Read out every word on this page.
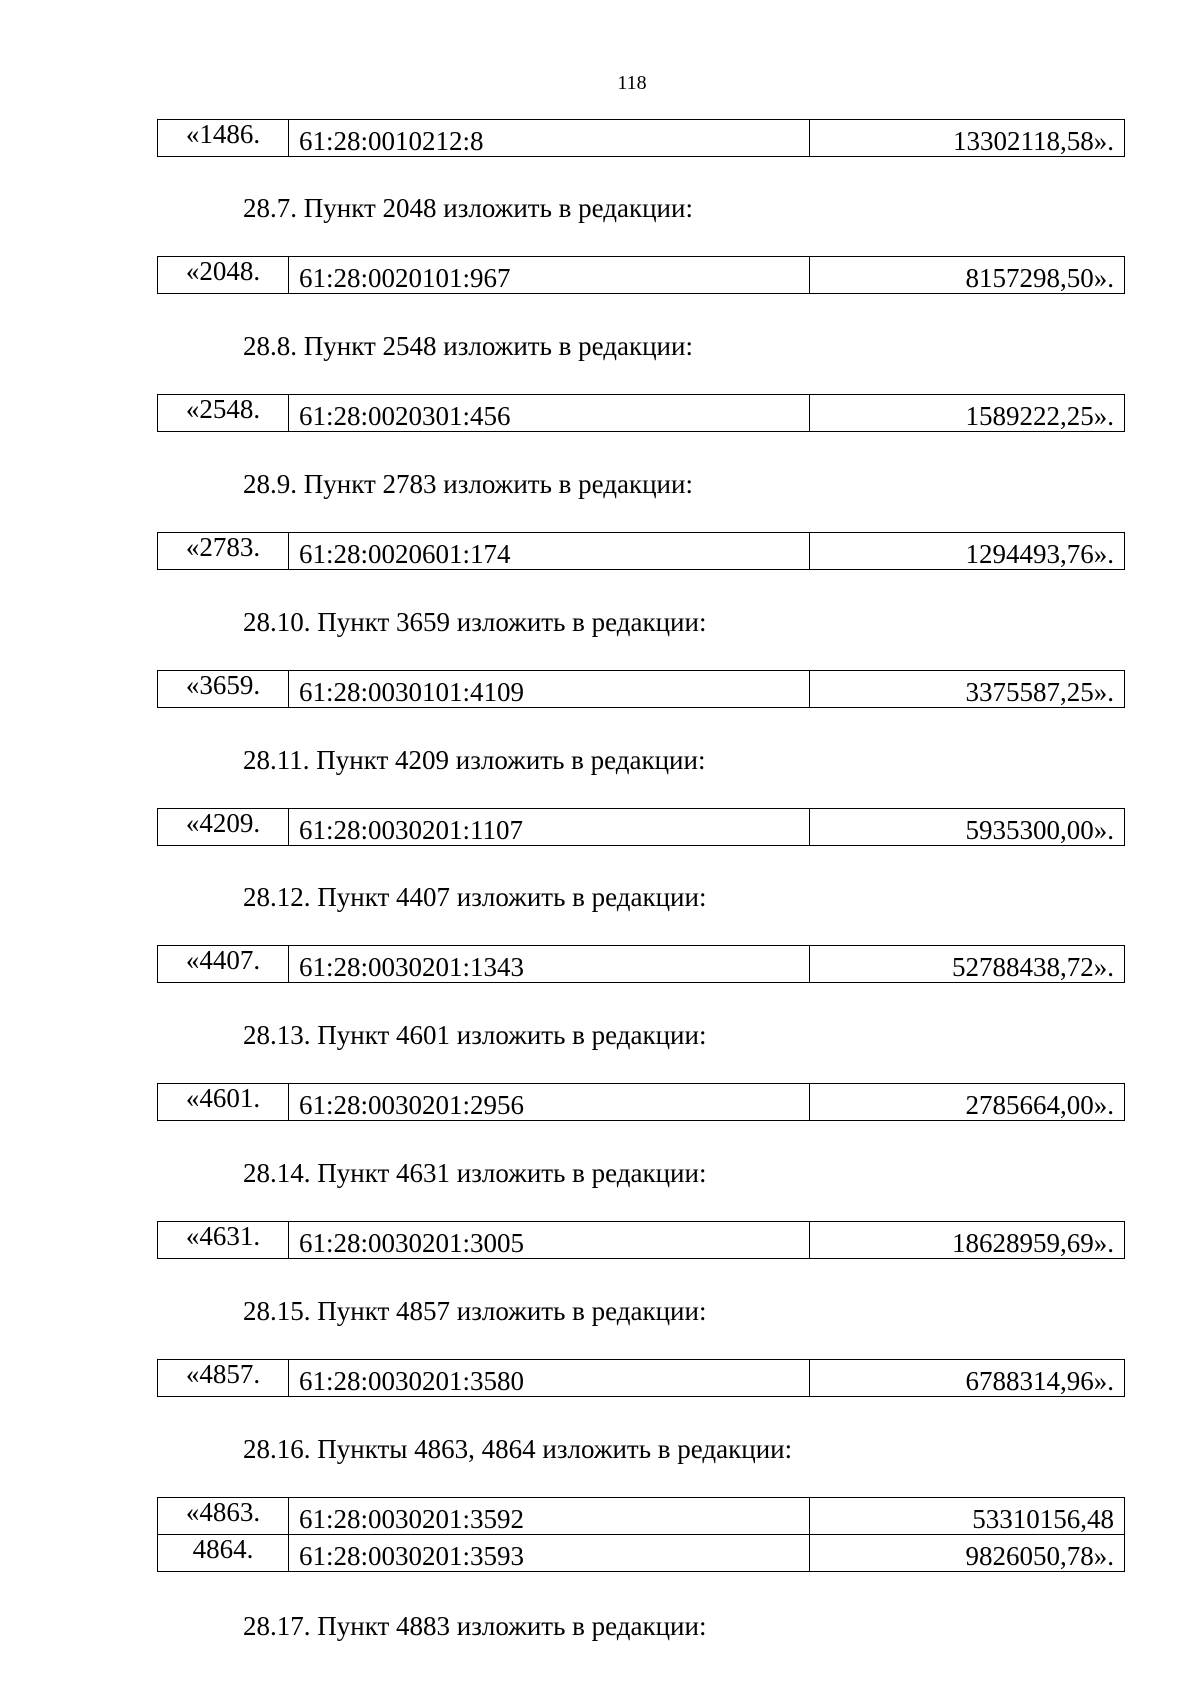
118
«1486.	61:28:0010212:8	13302118,58».
28.7. Пункт 2048 изложить в редакции:
«2048.	61:28:0020101:967	8157298,50».
28.8. Пункт 2548 изложить в редакции:
«2548.	61:28:0020301:456	1589222,25».
28.9. Пункт 2783 изложить в редакции:
«2783.	61:28:0020601:174	1294493,76».
28.10. Пункт 3659 изложить в редакции:
«3659.	61:28:0030101:4109	3375587,25».
28.11. Пункт 4209 изложить в редакции:
«4209.	61:28:0030201:1107	5935300,00».
28.12. Пункт 4407 изложить в редакции:
«4407.	61:28:0030201:1343	52788438,72».
28.13. Пункт 4601 изложить в редакции:
«4601.	61:28:0030201:2956	2785664,00».
28.14. Пункт 4631 изложить в редакции:
«4631.	61:28:0030201:3005	18628959,69».
28.15. Пункт 4857 изложить в редакции:
«4857.	61:28:0030201:3580	6788314,96».
28.16. Пункты 4863, 4864 изложить в редакции:
«4863.	61:28:0030201:3592	53310156,48
4864.	61:28:0030201:3593	9826050,78».
28.17. Пункт 4883 изложить в редакции:
